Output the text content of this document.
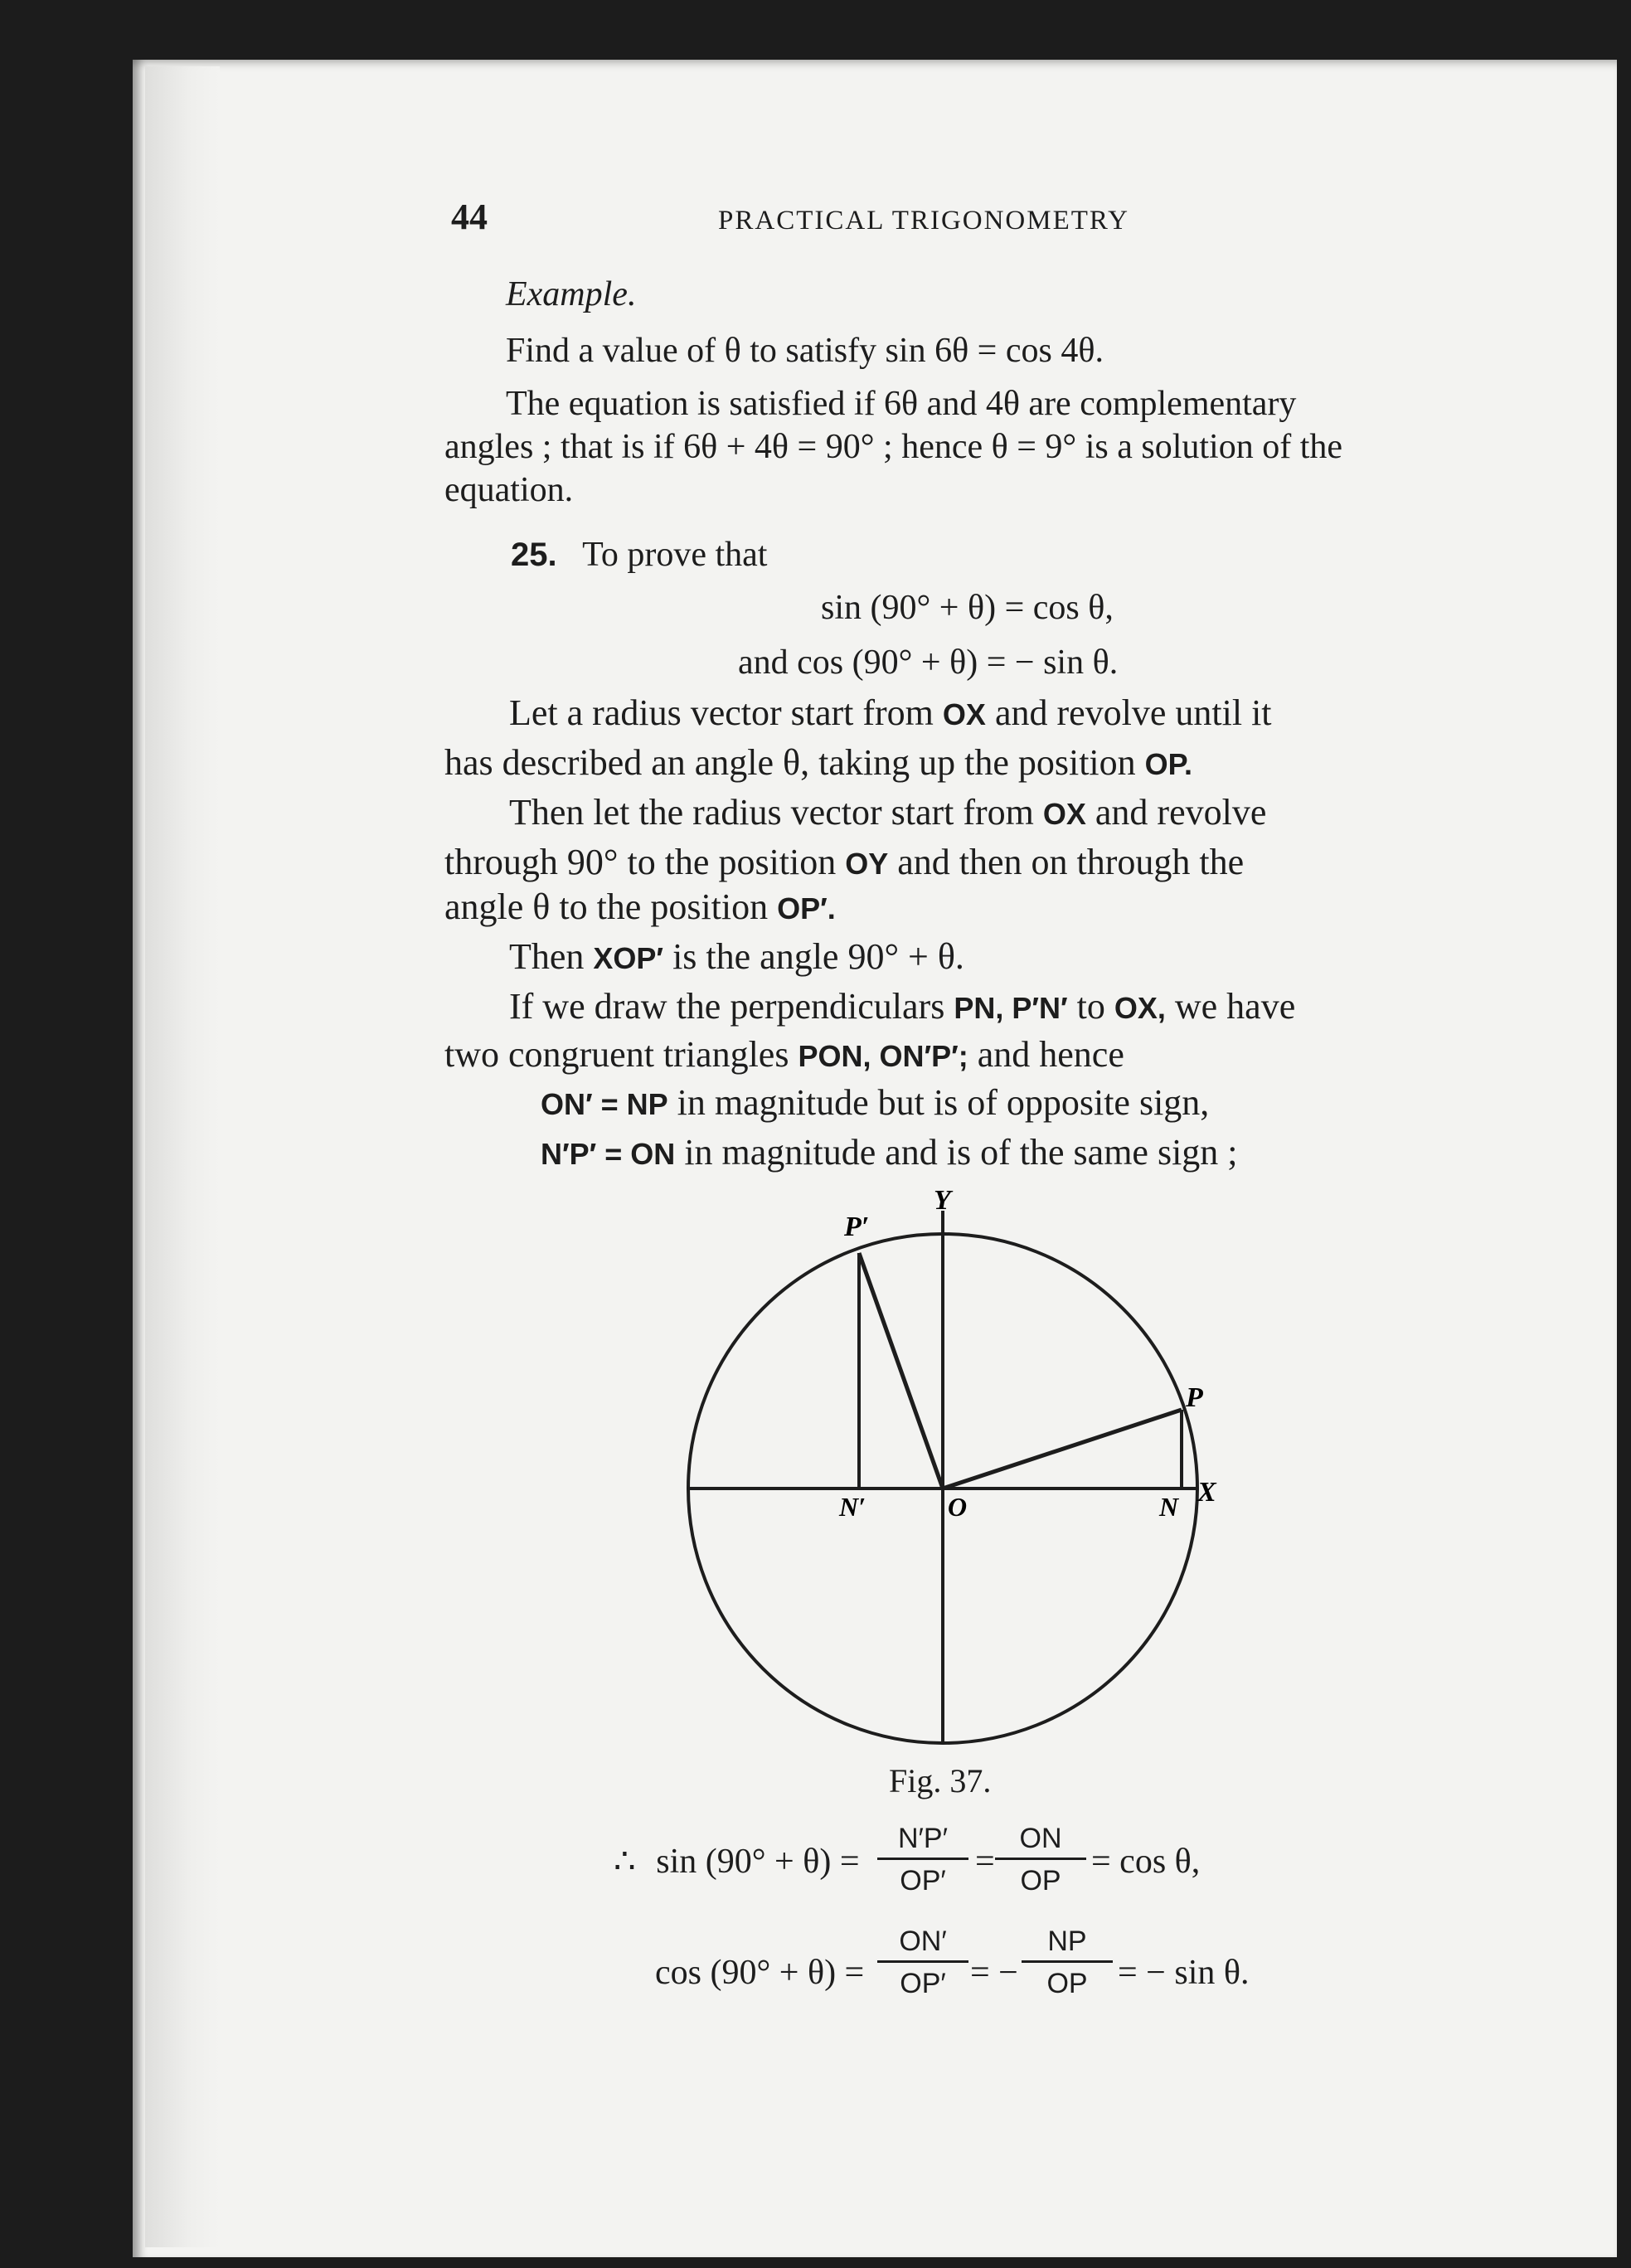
44	PRACTICAL TRIGONOMETRY
Example.
Find a value of θ to satisfy sin 6θ = cos 4θ.
The equation is satisfied if 6θ and 4θ are complementary
angles ; that is if 6θ + 4θ = 90° ; hence θ = 9° is a solution of the
equation.
25. To prove that
sin (90° + θ) = cos θ,
and cos (90° + θ) = − sin θ.
Let a radius vector start from OX and revolve until it
has described an angle θ, taking up the position OP.
Then let the radius vector start from OX and revolve
through 90° to the position OY and then on through the
angle θ to the position OP′.
Then XOP′ is the angle 90° + θ.
If we draw the perpendiculars PN, P′N′ to OX, we have
two congruent triangles PON, ON′P′; and hence
ON′ = NP in magnitude but is of opposite sign,
N′P′ = ON in magnitude and is of the same sign ;
P′
Y
P
N′	O	N X
Fig. 37.
∴ $\sin (90^\circ + \theta) = \frac{N'P'}{OP'} = \frac{ON}{OP} = \cos \theta$,
$\cos (90^\circ + \theta) = \frac{ON'}{OP'}$ = − $\frac{NP}{OP}$ = − sin θ.
